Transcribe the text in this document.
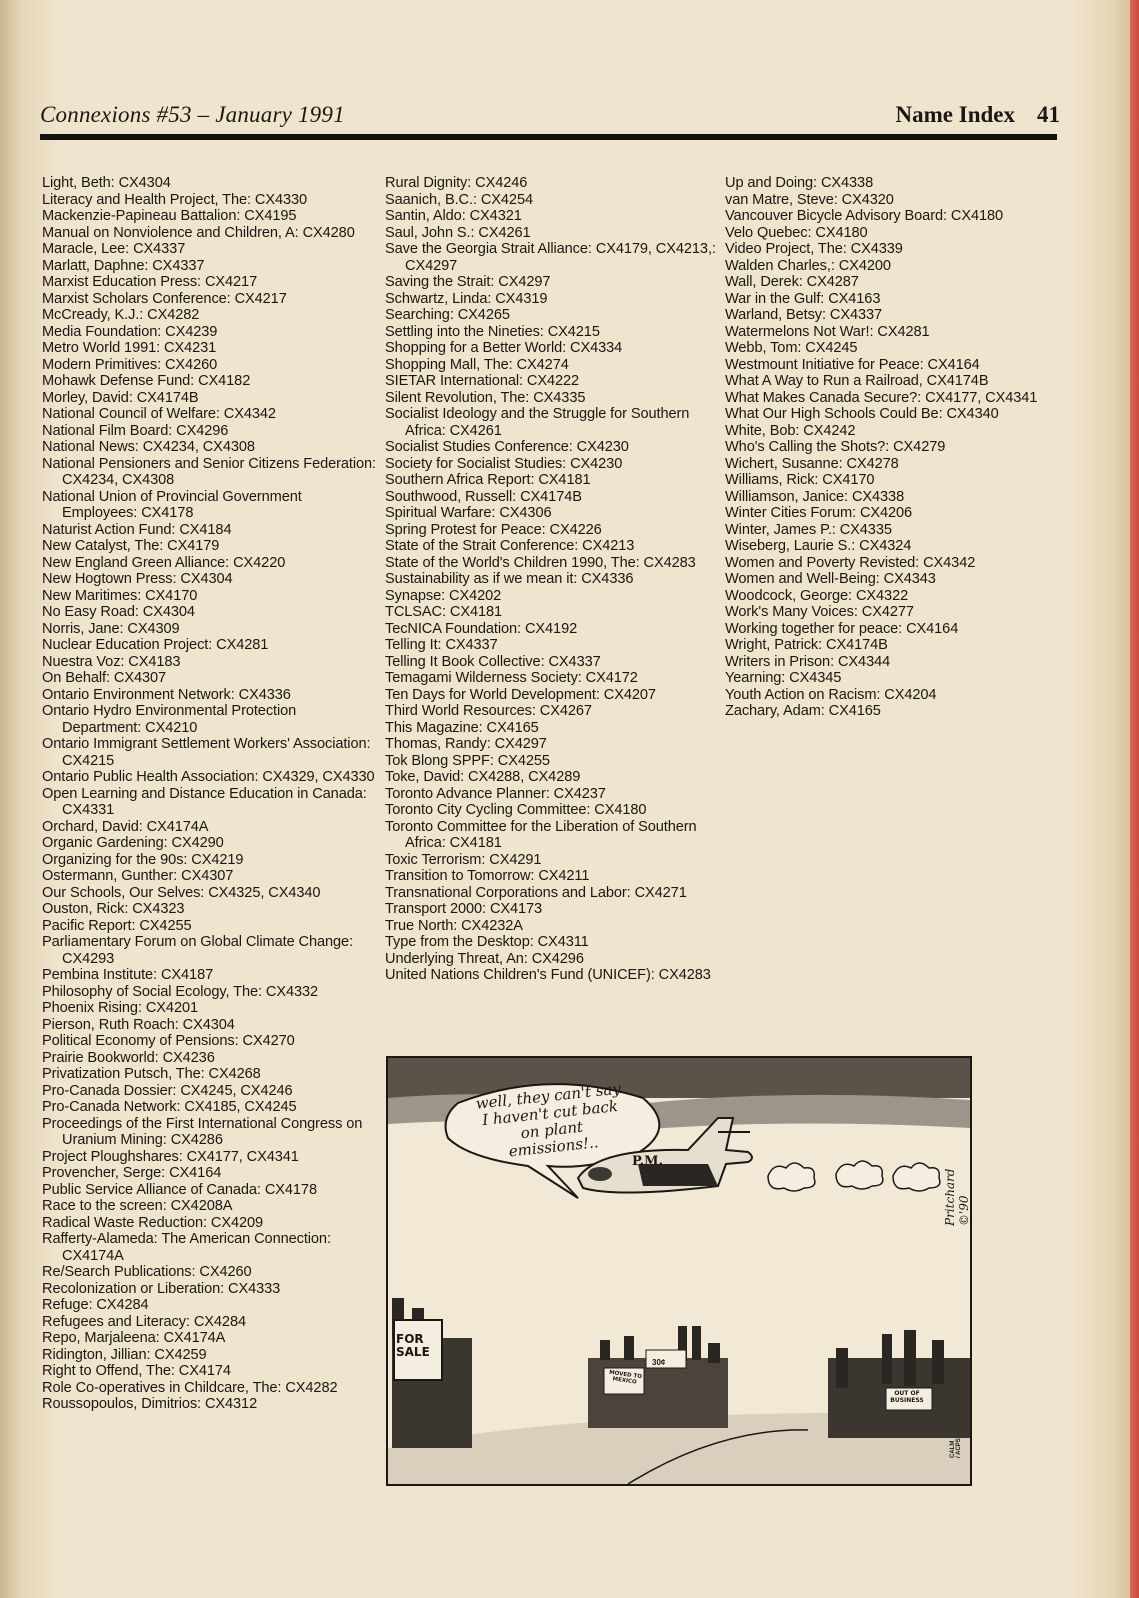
Connexions #53 – January 1991	Name Index 41
Light, Beth: CX4304
Literacy and Health Project, The: CX4330
Mackenzie-Papineau Battalion: CX4195
Manual on Nonviolence and Children, A: CX4280
Maracle, Lee: CX4337
Marlatt, Daphne: CX4337
Marxist Education Press: CX4217
Marxist Scholars Conference: CX4217
McCready, K.J.: CX4282
Media Foundation: CX4239
Metro World 1991: CX4231
Modern Primitives: CX4260
Mohawk Defense Fund: CX4182
Morley, David: CX4174B
National Council of Welfare: CX4342
National Film Board: CX4296
National News: CX4234, CX4308
National Pensioners and Senior Citizens Federation: CX4234, CX4308
National Union of Provincial Government Employees: CX4178
Naturist Action Fund: CX4184
New Catalyst, The: CX4179
New England Green Alliance: CX4220
New Hogtown Press: CX4304
New Maritimes: CX4170
No Easy Road: CX4304
Norris, Jane: CX4309
Nuclear Education Project: CX4281
Nuestra Voz: CX4183
On Behalf: CX4307
Ontario Environment Network: CX4336
Ontario Hydro Environmental Protection Department: CX4210
Ontario Immigrant Settlement Workers' Association: CX4215
Ontario Public Health Association: CX4329, CX4330
Open Learning and Distance Education in Canada: CX4331
Orchard, David: CX4174A
Organic Gardening: CX4290
Organizing for the 90s: CX4219
Ostermann, Gunther: CX4307
Our Schools, Our Selves: CX4325, CX4340
Ouston, Rick: CX4323
Pacific Report: CX4255
Parliamentary Forum on Global Climate Change: CX4293
Pembina Institute: CX4187
Philosophy of Social Ecology, The: CX4332
Phoenix Rising: CX4201
Pierson, Ruth Roach: CX4304
Political Economy of Pensions: CX4270
Prairie Bookworld: CX4236
Privatization Putsch, The: CX4268
Pro-Canada Dossier: CX4245, CX4246
Pro-Canada Network: CX4185, CX4245
Proceedings of the First International Congress on Uranium Mining: CX4286
Project Ploughshares: CX4177, CX4341
Provencher, Serge: CX4164
Public Service Alliance of Canada: CX4178
Race to the screen: CX4208A
Radical Waste Reduction: CX4209
Rafferty-Alameda: The American Connection: CX4174A
Re/Search Publications: CX4260
Recolonization or Liberation: CX4333
Refuge: CX4284
Refugees and Literacy: CX4284
Repo, Marjaleena: CX4174A
Ridington, Jillian: CX4259
Right to Offend, The: CX4174
Role Co-operatives in Childcare, The: CX4282
Roussopoulos, Dimitrios: CX4312
Rural Dignity: CX4246
Saanich, B.C.: CX4254
Santin, Aldo: CX4321
Saul, John S.: CX4261
Save the Georgia Strait Alliance: CX4179, CX4213,: CX4297
Saving the Strait: CX4297
Schwartz, Linda: CX4319
Searching: CX4265
Settling into the Nineties: CX4215
Shopping for a Better World: CX4334
Shopping Mall, The: CX4274
SIETAR International: CX4222
Silent Revolution, The: CX4335
Socialist Ideology and the Struggle for Southern Africa: CX4261
Socialist Studies Conference: CX4230
Society for Socialist Studies: CX4230
Southern Africa Report: CX4181
Southwood, Russell: CX4174B
Spiritual Warfare: CX4306
Spring Protest for Peace: CX4226
State of the Strait Conference: CX4213
State of the World's Children 1990, The: CX4283
Sustainability as if we mean it: CX4336
Synapse: CX4202
TCLSAC: CX4181
TecNICA Foundation: CX4192
Telling It: CX4337
Telling It Book Collective: CX4337
Temagami Wilderness Society: CX4172
Ten Days for World Development: CX4207
Third World Resources: CX4267
This Magazine: CX4165
Thomas, Randy: CX4297
Tok Blong SPPF: CX4255
Toke, David: CX4288, CX4289
Toronto Advance Planner: CX4237
Toronto City Cycling Committee: CX4180
Toronto Committee for the Liberation of Southern Africa: CX4181
Toxic Terrorism: CX4291
Transition to Tomorrow: CX4211
Transnational Corporations and Labor: CX4271
Transport 2000: CX4173
True North: CX4232A
Type from the Desktop: CX4311
Underlying Threat, An: CX4296
United Nations Children's Fund (UNICEF): CX4283
Up and Doing: CX4338
van Matre, Steve: CX4320
Vancouver Bicycle Advisory Board: CX4180
Velo Quebec: CX4180
Video Project, The: CX4339
Walden Charles,: CX4200
Wall, Derek: CX4287
War in the Gulf: CX4163
Warland, Betsy: CX4337
Watermelons Not War!: CX4281
Webb, Tom: CX4245
Westmount Initiative for Peace: CX4164
What A Way to Run a Railroad, CX4174B
What Makes Canada Secure?: CX4177, CX4341
What Our High Schools Could Be: CX4340
White, Bob: CX4242
Who's Calling the Shots?: CX4279
Wichert, Susanne: CX4278
Williams, Rick: CX4170
Williamson, Janice: CX4338
Winter Cities Forum: CX4206
Winter, James P.: CX4335
Wiseberg, Laurie S.: CX4324
Women and Poverty Revisted: CX4342
Women and Well-Being: CX4343
Woodcock, George: CX4322
Work's Many Voices: CX4277
Working together for peace: CX4164
Wright, Patrick: CX4174B
Writers in Prison: CX4344
Yearning: CX4345
Youth Action on Racism: CX4204
Zachary, Adam: CX4165
well, they can't say I haven't cut back on plant emissions!..
P.M.
FOR SALE
30¢
MOVED TO MEXICO
OUT OF BUSINESS
Pritchard ©'90
CALM / ACPS
